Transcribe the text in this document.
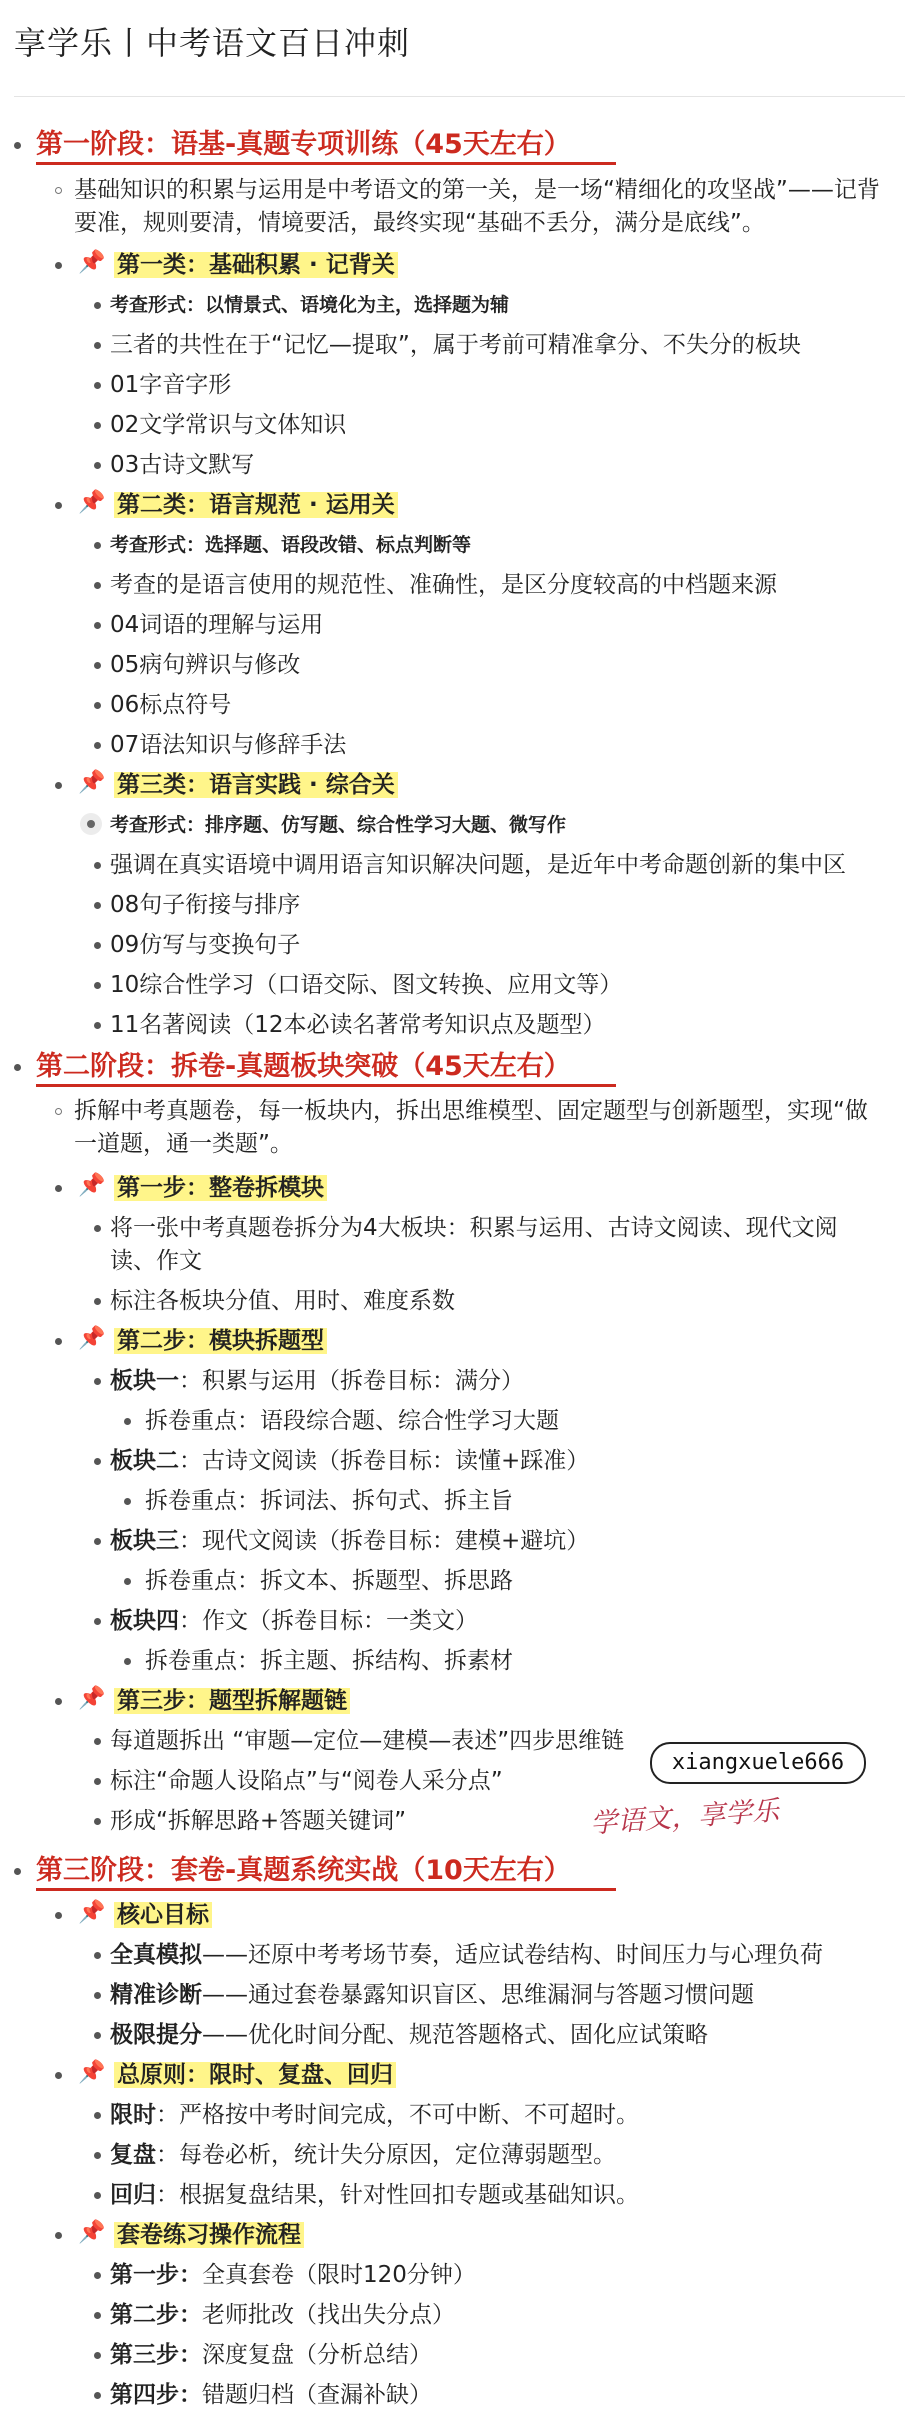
享学乐丨中考语文百日冲刺
第一阶段：语基-真题专项训练（45天左右）
基础知识的积累与运用是中考语文的第一关，是一场“精细化的攻坚战”——记背
要准，规则要清，情境要活，最终实现“基础不丢分，满分是底线”。
📌 第一类：基础积累 · 记背关
考查形式：以情景式、语境化为主，选择题为辅
三者的共性在于“记忆—提取”，属于考前可精准拿分、不失分的板块
01字音字形
02文学常识与文体知识
03古诗文默写
📌 第二类：语言规范 · 运用关
考查形式：选择题、语段改错、标点判断等
考查的是语言使用的规范性、准确性，是区分度较高的中档题来源
04词语的理解与运用
05病句辨识与修改
06标点符号
07语法知识与修辞手法
📌 第三类：语言实践 · 综合关
考查形式：排序题、仿写题、综合性学习大题、微写作
强调在真实语境中调用语言知识解决问题，是近年中考命题创新的集中区
08句子衔接与排序
09仿写与变换句子
10综合性学习（口语交际、图文转换、应用文等）
11名著阅读（12本必读名著常考知识点及题型）
第二阶段：拆卷-真题板块突破（45天左右）
拆解中考真题卷，每一板块内，拆出思维模型、固定题型与创新题型，实现“做
一道题，通一类题”。
📌 第一步：整卷拆模块
将一张中考真题卷拆分为4大板块：积累与运用、古诗文阅读、现代文阅
读、作文
标注各板块分值、用时、难度系数
📌 第二步：模块拆题型
板块一：积累与运用（拆卷目标：满分）
拆卷重点：语段综合题、综合性学习大题
板块二：古诗文阅读（拆卷目标：读懂+踩准）
拆卷重点：拆词法、拆句式、拆主旨
板块三：现代文阅读（拆卷目标：建模+避坑）
拆卷重点：拆文本、拆题型、拆思路
板块四：作文（拆卷目标：一类文）
拆卷重点：拆主题、拆结构、拆素材
📌 第三步：题型拆解题链
每道题拆出 “审题—定位—建模—表述”四步思维链
标注“命题人设陷点”与“阅卷人采分点”
形成“拆解思路+答题关键词”
xiangxuele666
学语文，享学乐
第三阶段：套卷-真题系统实战（10天左右）
📌 核心目标
全真模拟——还原中考考场节奏，适应试卷结构、时间压力与心理负荷
精准诊断——通过套卷暴露知识盲区、思维漏洞与答题习惯问题
极限提分——优化时间分配、规范答题格式、固化应试策略
📌 总原则：限时、复盘、回归
限时：严格按中考时间完成，不可中断、不可超时。
复盘：每卷必析，统计失分原因，定位薄弱题型。
回归：根据复盘结果，针对性回扣专题或基础知识。
📌 套卷练习操作流程
第一步：全真套卷（限时120分钟）
第二步：老师批改（找出失分点）
第三步：深度复盘（分析总结）
第四步：错题归档（查漏补缺）
